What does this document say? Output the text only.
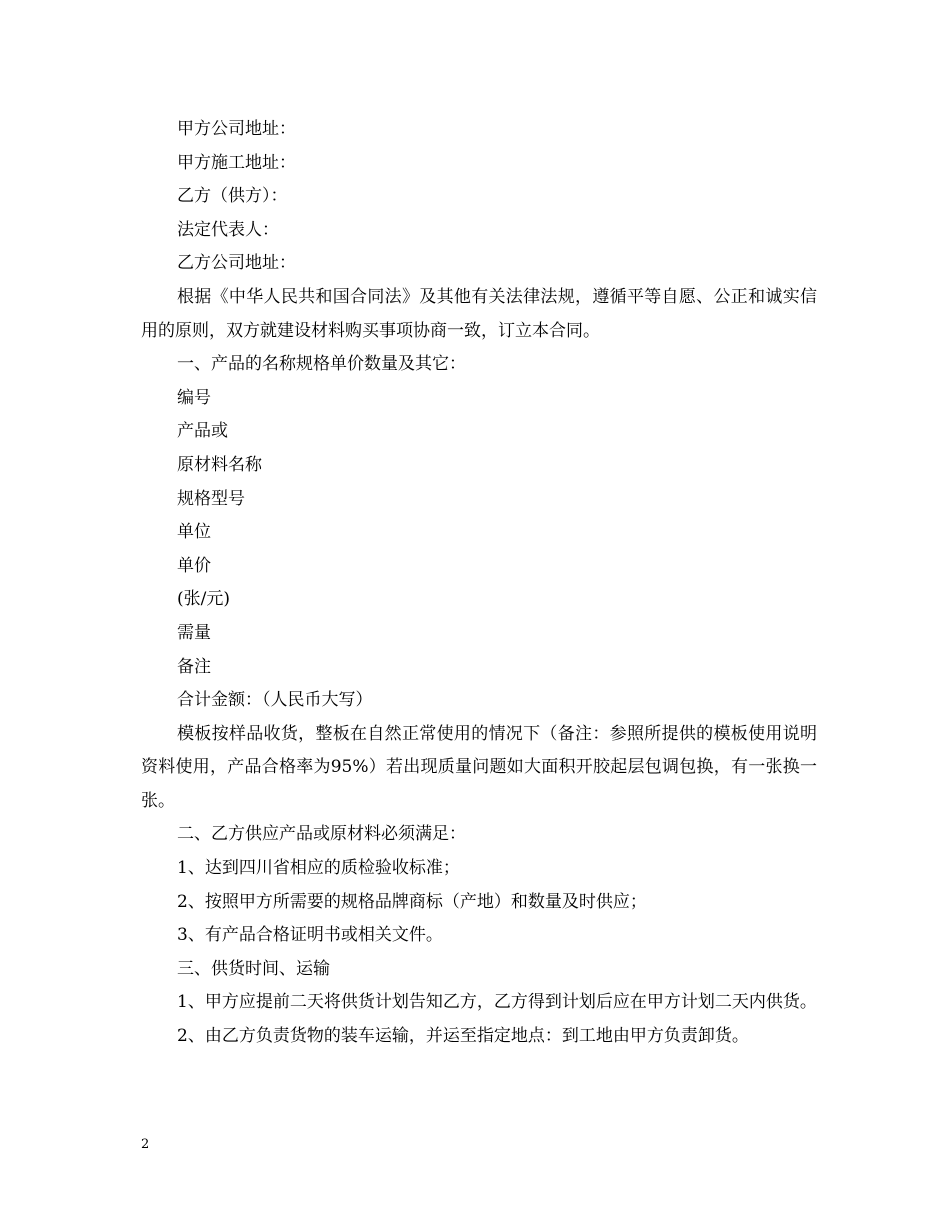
甲方公司地址：

甲方施工地址：

乙方（供方）：

法定代表人：

乙方公司地址：

根据《中华人民共和国合同法》及其他有关法律法规，遵循平等自愿、公正和诚实信用的原则，双方就建设材料购买事项协商一致，订立本合同。

一、产品的名称规格单价数量及其它：

编号

产品或

原材料名称

规格型号

单位

单价

(张/元)

需量

备注

合计金额：（人民币大写）

模板按样品收货，整板在自然正常使用的情况下（备注：参照所提供的模板使用说明资料使用，产品合格率为95%）若出现质量问题如大面积开胶起层包调包换，有一张换一张。

二、乙方供应产品或原材料必须满足：

1、达到四川省相应的质检验收标准；

2、按照甲方所需要的规格品牌商标（产地）和数量及时供应；

3、有产品合格证明书或相关文件。

三、供货时间、运输

1、甲方应提前二天将供货计划告知乙方，乙方得到计划后应在甲方计划二天内供货。

2、由乙方负责货物的装车运输，并运至指定地点：到工地由甲方负责卸货。

2
